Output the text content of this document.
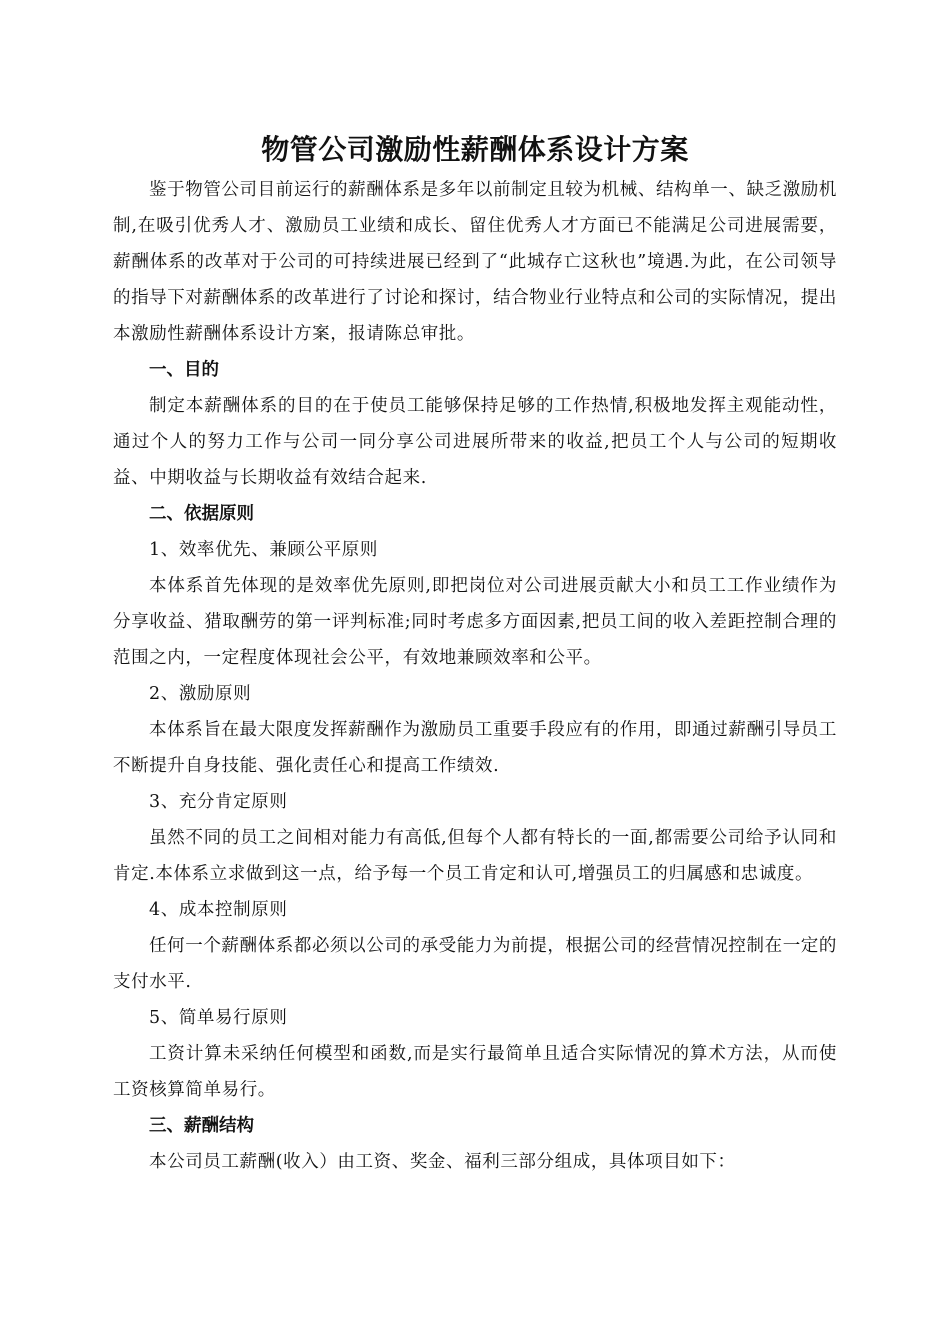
物管公司激励性薪酬体系设计方案

鉴于物管公司目前运行的薪酬体系是多年以前制定且较为机械、结构单一、缺乏激励机制,在吸引优秀人才、激励员工业绩和成长、留住优秀人才方面已不能满足公司进展需要，薪酬体系的改革对于公司的可持续进展已经到了“此城存亡这秋也”境遇.为此，在公司领导的指导下对薪酬体系的改革进行了讨论和探讨，结合物业行业特点和公司的实际情况，提出本激励性薪酬体系设计方案，报请陈总审批。

一、目的

制定本薪酬体系的目的在于使员工能够保持足够的工作热情,积极地发挥主观能动性，通过个人的努力工作与公司一同分享公司进展所带来的收益,把员工个人与公司的短期收益、中期收益与长期收益有效结合起来.

二、依据原则

1、效率优先、兼顾公平原则

本体系首先体现的是效率优先原则,即把岗位对公司进展贡献大小和员工工作业绩作为分享收益、猎取酬劳的第一评判标准;同时考虑多方面因素,把员工间的收入差距控制合理的范围之内，一定程度体现社会公平，有效地兼顾效率和公平。

2、激励原则

本体系旨在最大限度发挥薪酬作为激励员工重要手段应有的作用，即通过薪酬引导员工不断提升自身技能、强化责任心和提高工作绩效.

3、充分肯定原则

虽然不同的员工之间相对能力有高低,但每个人都有特长的一面,都需要公司给予认同和肯定.本体系立求做到这一点，给予每一个员工肯定和认可,增强员工的归属感和忠诚度。

4、成本控制原则

任何一个薪酬体系都必须以公司的承受能力为前提，根据公司的经营情况控制在一定的支付水平.

5、简单易行原则

工资计算未采纳任何模型和函数,而是实行最简单且适合实际情况的算术方法，从而使工资核算简单易行。

三、薪酬结构

本公司员工薪酬(收入）由工资、奖金、福利三部分组成，具体项目如下：
